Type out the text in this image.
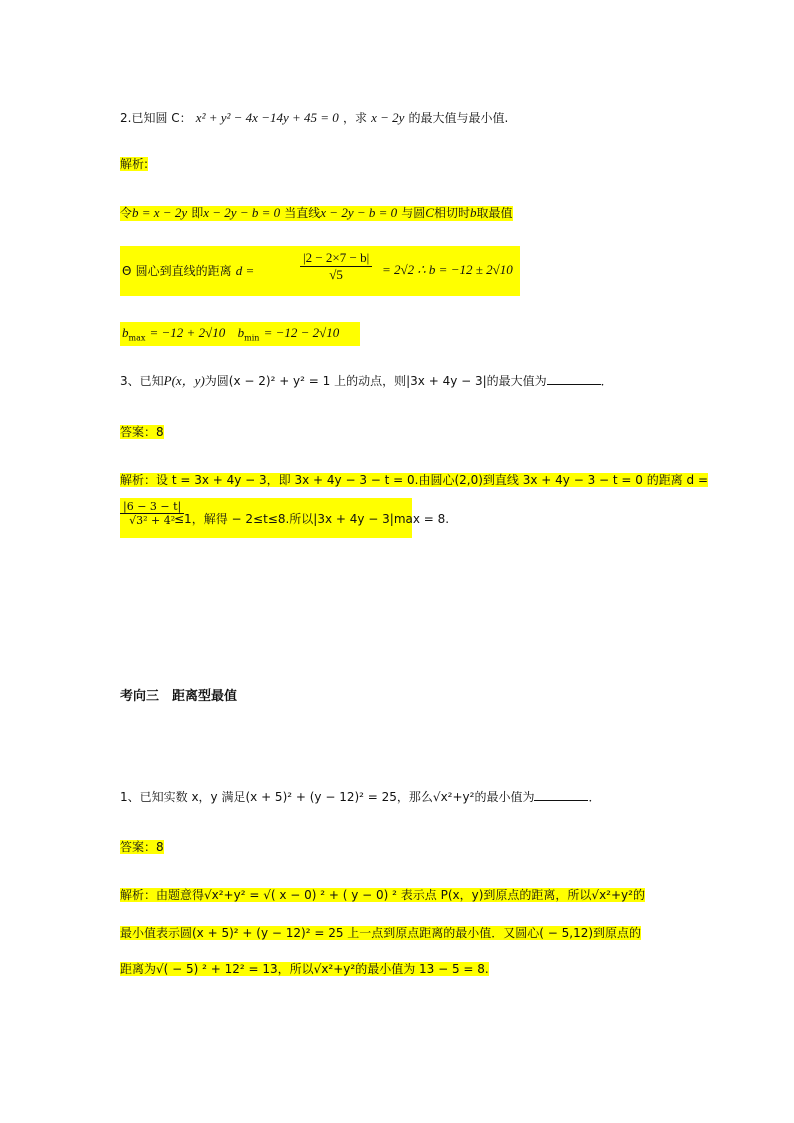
2.已知圆 C： x² + y² − 4x −14y + 45 = 0 ，求 x − 2y 的最大值与最小值.
解析:
令b = x − 2y 即x − 2y − b = 0 当直线x − 2y − b = 0 与圆C相切时b取最值
Θ 圆心到直线的距离 d =	$\frac{|2 - 2\times 7 - b|}{√5} = 2√2$ ∴ b = −12 ± 2√10
$b_{max} = -12 + 2√10$ $b_{min} = -12 - 2√10$
3、已知P(x，y)为圆(x − 2)² + y² = 1 上的动点，则|3x + 4y − 3|的最大值为	．
答案：8
解析：设 t = 3x + 4y − 3，即 3x + 4y − 3 − t = 0.由圆心(2,0)到直线 3x + 4y − 3 − t = 0 的距离 d =
$\frac{|6 - 3 - t|}{\text{√3² + 4²}}$
≤1，解得 − 2≤t≤8.所以|3x + 4y − 3|max = 8.
考向三　距离型最值
1、已知实数 x，y 满足(x + 5)² + (y − 12)² = 25，那么√x²+y²的最小值为	．
答案：8
解析：由题意得√x²+y² = √( x − 0) ² + ( y − 0) ² 表示点 P(x，y)到原点的距离，所以√x²+y²的
最小值表示圆(x + 5)² + (y − 12)² = 25 上一点到原点距离的最小值．又圆心( − 5,12)到原点的
距离为√( − 5) ² + 12² = 13，所以√x²+y²的最小值为 13 − 5 = 8.
